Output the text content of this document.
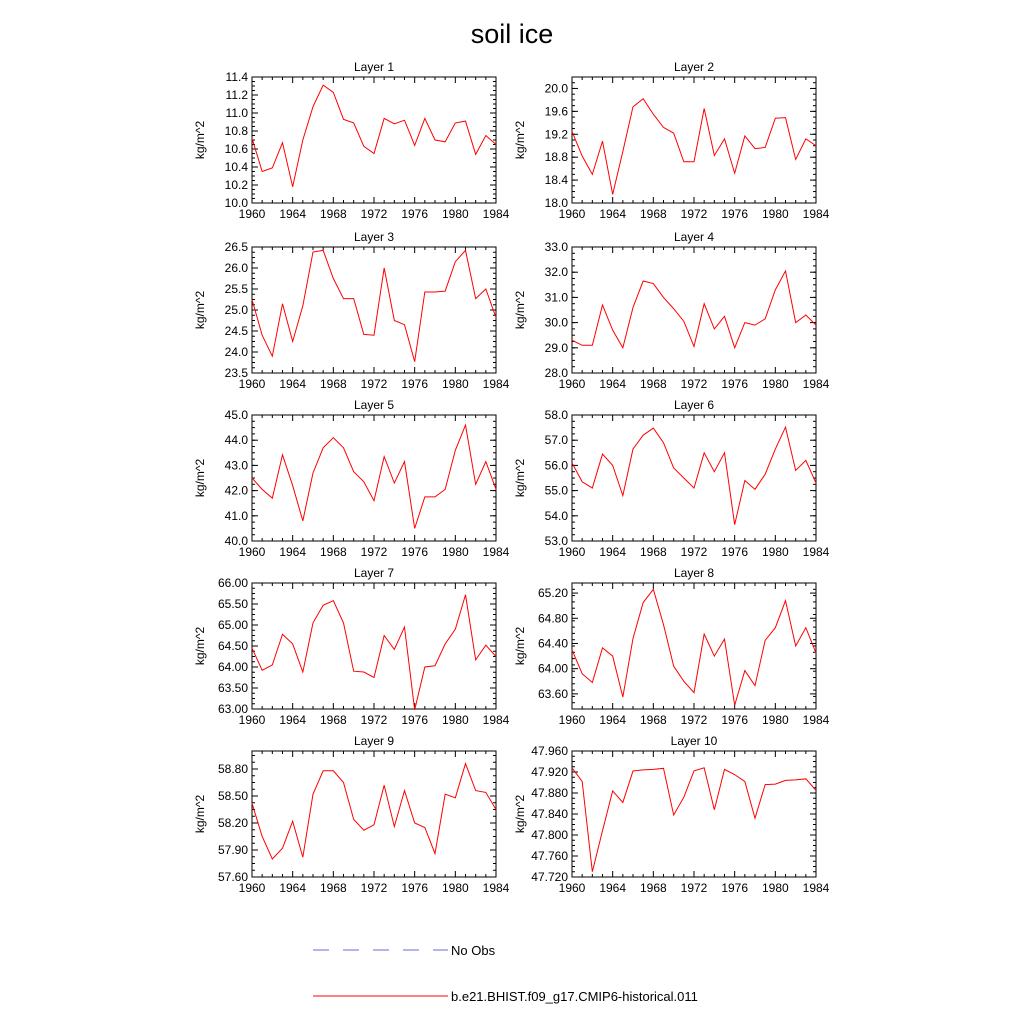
soil ice
1960 1964 1968 1972 1976 1980 1984
10.0
10.2
10.4
10.6
10.8
11.0
11.2
11.4
Layer 1
kg/m^2
1960 1964 1968 1972 1976 1980 1984
18.0
18.4
18.8
19.2
19.6
20.0
Layer 2
kg/m^2
1960 1964 1968 1972 1976 1980 1984
23.5
24.0
24.5
25.0
25.5
26.0
26.5
Layer 3
kg/m^2
1960 1964 1968 1972 1976 1980 1984
28.0
29.0
30.0
31.0
32.0
33.0
Layer 4
kg/m^2
1960 1964 1968 1972 1976 1980 1984
40.0
41.0
42.0
43.0
44.0
45.0
Layer 5
kg/m^2
1960 1964 1968 1972 1976 1980 1984
53.0
54.0
55.0
56.0
57.0
58.0
Layer 6
kg/m^2
1960 1964 1968 1972 1976 1980 1984
63.00
63.50
64.00
64.50
65.00
65.50
66.00
Layer 7
kg/m^2
1960 1964 1968 1972 1976 1980 1984
63.60
64.00
64.40
64.80
65.20
Layer 8
kg/m^2
1960 1964 1968 1972 1976 1980 1984
57.60
57.90
58.20
58.50
58.80
Layer 9
kg/m^2
1960 1964 1968 1972 1976 1980 1984
47.720
47.760
47.800
47.840
47.880
47.920
47.960
Layer 10
kg/m^2
No Obs
b.e21.BHIST.f09_g17.CMIP6-historical.011
